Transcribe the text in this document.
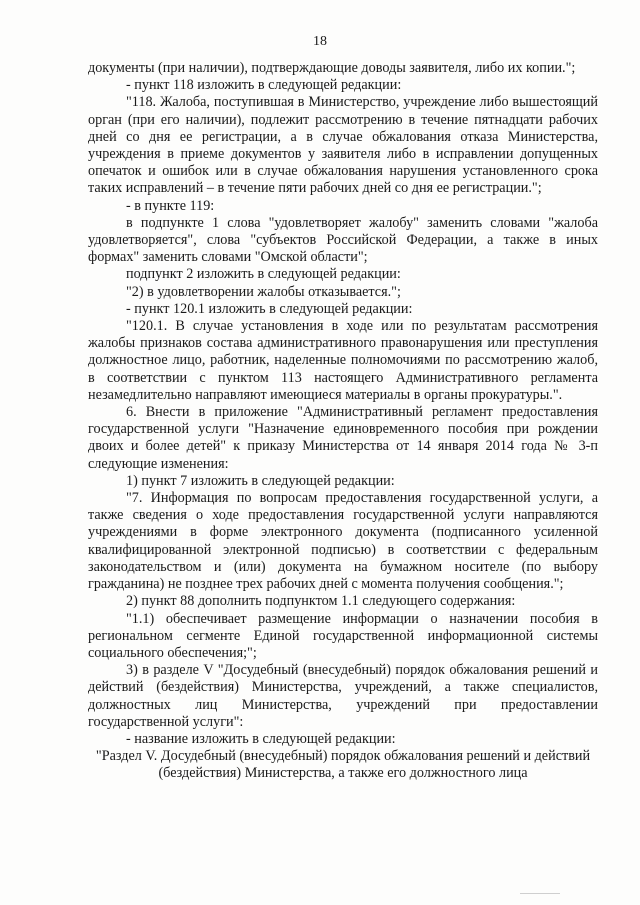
18

документы (при наличии), подтверждающие доводы заявителя, либо их копии.";

- пункт 118 изложить в следующей редакции:

"118. Жалоба, поступившая в Министерство, учреждение либо вышестоящий орган (при его наличии), подлежит рассмотрению в течение пятнадцати рабочих дней со дня ее регистрации, а в случае обжалования отказа Министерства, учреждения в приеме документов у заявителя либо в исправлении допущенных опечаток и ошибок или в случае обжалования нарушения установленного срока таких исправлений – в течение пяти рабочих дней со дня ее регистрации.";

- в пункте 119:

в подпункте 1 слова "удовлетворяет жалобу" заменить словами "жалоба удовлетворяется", слова "субъектов Российской Федерации, а также в иных формах" заменить словами "Омской области";

подпункт 2 изложить в следующей редакции:

"2) в удовлетворении жалобы отказывается.";

- пункт 120.1 изложить в следующей редакции:

"120.1. В случае установления в ходе или по результатам рассмотрения жалобы признаков состава административного правонарушения или преступления должностное лицо, работник, наделенные полномочиями по рассмотрению жалоб, в соответствии с пунктом 113 настоящего Административного регламента незамедлительно направляют имеющиеся материалы в органы прокуратуры.".

6. Внести в приложение "Административный регламент предоставления государственной услуги "Назначение единовременного пособия при рождении двоих и более детей" к приказу Министерства от 14 января 2014 года № 3-п следующие изменения:

1) пункт 7 изложить в следующей редакции:

"7. Информация по вопросам предоставления государственной услуги, а также сведения о ходе предоставления государственной услуги направляются учреждениями в форме электронного документа (подписанного усиленной квалифицированной электронной подписью) в соответствии с федеральным законодательством и (или) документа на бумажном носителе (по выбору гражданина) не позднее трех рабочих дней с момента получения сообщения.";

2) пункт 88 дополнить подпунктом 1.1 следующего содержания:

"1.1) обеспечивает размещение информации о назначении пособия в региональном сегменте Единой государственной информационной системы социального обеспечения;";

3) в разделе V "Досудебный (внесудебный) порядок обжалования решений и действий (бездействия) Министерства, учреждений, а также специалистов, должностных лиц Министерства, учреждений при предоставлении государственной услуги":

- название изложить в следующей редакции:

"Раздел V. Досудебный (внесудебный) порядок обжалования решений и действий (бездействия) Министерства, а также его должностного лица
